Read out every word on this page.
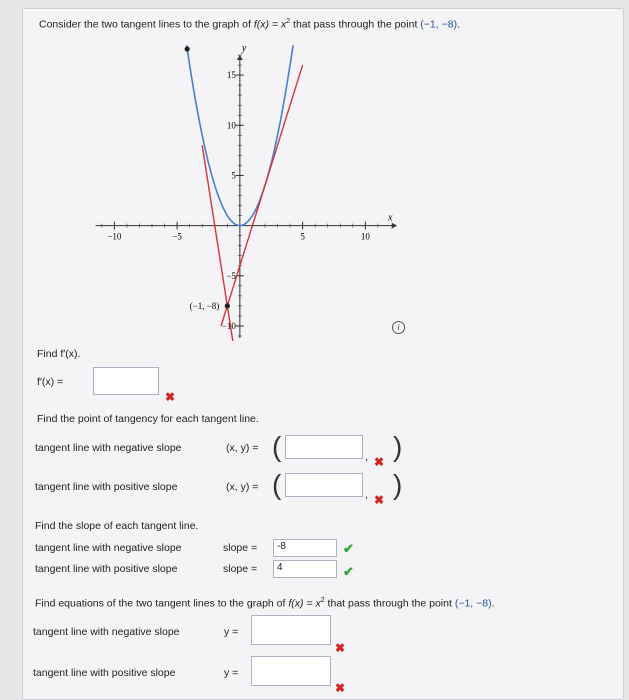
Consider the two tangent lines to the graph of $f(x) = x^2$ that pass through the point (−1, −8).
x
y
−10	−5	5	10
−10
−5
5
10
15
(−1, −8)
i
Find f′(x).
f′(x) =
✖
Find the point of tangency for each tangent line.
tangent line with negative slope	(x, y) = (	, ✖ )
tangent line with positive slope	(x, y) = (	, ✖ )
Find the slope of each tangent line.
tangent line with negative slope	slope =	-8	✔
tangent line with positive slope	slope =	4	✔
Find equations of the two tangent lines to the graph of $f(x) = x^2$ that pass through the point (−1, −8).
tangent line with negative slope	y =
✖
tangent line with positive slope	y =
✖
